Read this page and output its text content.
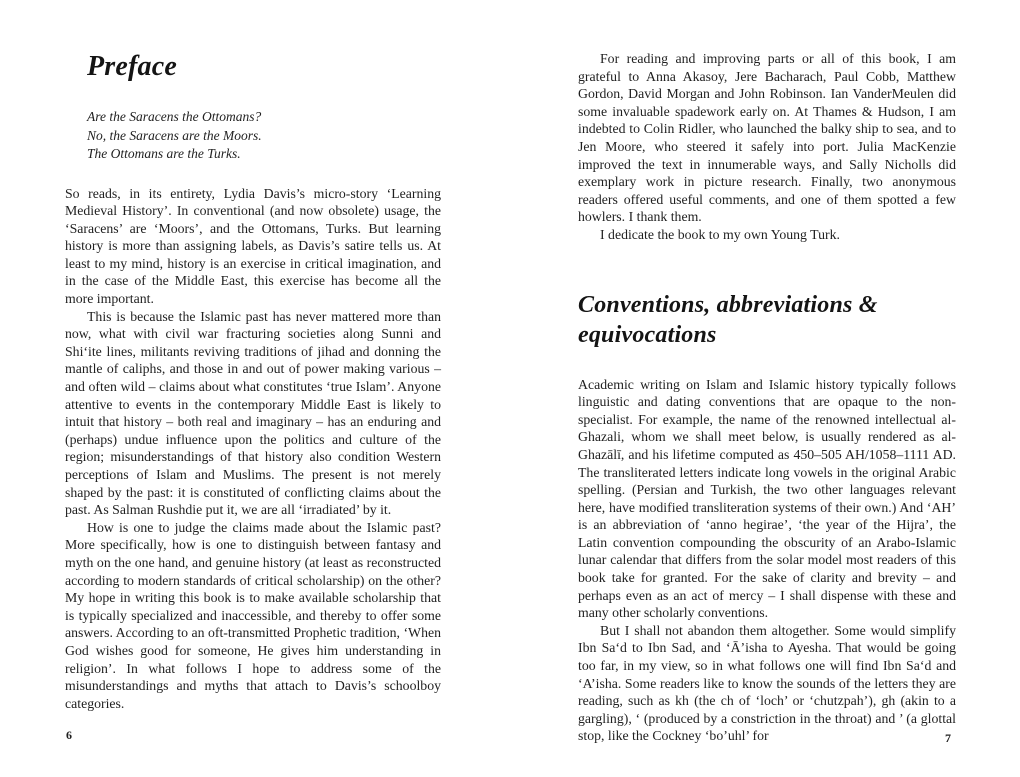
Preface
Are the Saracens the Ottomans?
No, the Saracens are the Moors.
The Ottomans are the Turks.

So reads, in its entirety, Lydia Davis’s micro-story ‘Learning Medieval History’. In conventional (and now obsolete) usage, the ‘Saracens’ are ‘Moors’, and the Ottomans, Turks. But learning history is more than assigning labels, as Davis’s satire tells us. At least to my mind, history is an exercise in critical imagination, and in the case of the Middle East, this exercise has become all the more important.

This is because the Islamic past has never mattered more than now, what with civil war fracturing societies along Sunni and Shi‘ite lines, militants reviving traditions of jihad and donning the mantle of caliphs, and those in and out of power making various – and often wild – claims about what constitutes ‘true Islam’. Anyone attentive to events in the contemporary Middle East is likely to intuit that history – both real and imaginary – has an enduring and (perhaps) undue influence upon the politics and culture of the region; misunderstandings of that history also condition Western perceptions of Islam and Muslims. The present is not merely shaped by the past: it is constituted of conflicting claims about the past. As Salman Rushdie put it, we are all ‘irradiated’ by it.

How is one to judge the claims made about the Islamic past? More specifically, how is one to distinguish between fantasy and myth on the one hand, and genuine history (at least as reconstructed according to modern standards of critical scholarship) on the other? My hope in writing this book is to make available scholarship that is typically specialized and inaccessible, and thereby to offer some answers. According to an oft-transmitted Prophetic tradition, ‘When God wishes good for someone, He gives him understanding in religion’. In what follows I hope to address some of the misunderstandings and myths that attach to Davis’s schoolboy categories.

For reading and improving parts or all of this book, I am grateful to Anna Akasoy, Jere Bacharach, Paul Cobb, Matthew Gordon, David Morgan and John Robinson. Ian VanderMeulen did some invaluable spadework early on. At Thames & Hudson, I am indebted to Colin Ridler, who launched the balky ship to sea, and to Jen Moore, who steered it safely into port. Julia MacKenzie improved the text in innumerable ways, and Sally Nicholls did exemplary work in picture research. Finally, two anonymous readers offered useful comments, and one of them spotted a few howlers. I thank them.

I dedicate the book to my own Young Turk.

Conventions, abbreviations & equivocations

Academic writing on Islam and Islamic history typically follows linguistic and dating conventions that are opaque to the non-specialist. For example, the name of the renowned intellectual al-Ghazali, whom we shall meet below, is usually rendered as al-Ghazālī, and his lifetime computed as 450–505 AH/1058–1111 AD. The transliterated letters indicate long vowels in the original Arabic spelling. (Persian and Turkish, the two other languages relevant here, have modified transliteration systems of their own.) And ‘AH’ is an abbreviation of ‘anno hegirae’, ‘the year of the Hijra’, the Latin convention compounding the obscurity of an Arabo-Islamic lunar calendar that differs from the solar model most readers of this book take for granted. For the sake of clarity and brevity – and perhaps even as an act of mercy – I shall dispense with these and many other scholarly conventions.

But I shall not abandon them altogether. Some would simplify Ibn Sa‘d to Ibn Sad, and ‘Ā’isha to Ayesha. That would be going too far, in my view, so in what follows one will find Ibn Sa‘d and ‘A’isha. Some readers like to know the sounds of the letters they are reading, such as kh (the ch of ‘loch’ or ‘chutzpah’), gh (akin to a gargling), ‘ (produced by a constriction in the throat) and ’ (a glottal stop, like the Cockney ‘bo’uhl’ for

6	7
